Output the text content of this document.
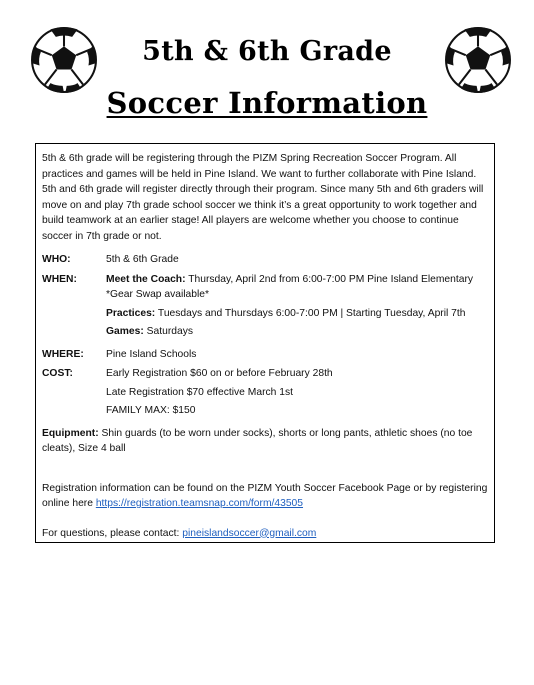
5th & 6th Grade
Soccer Information

5th & 6th grade will be registering through the PIZM Spring Recreation Soccer Program. All practices and games will be held in Pine Island. We want to further collaborate with Pine Island. 5th and 6th grade will register directly through their program. Since many 5th and 6th graders will move on and play 7th grade school soccer we think it’s a great opportunity to work together and build teamwork at an earlier stage! All players are welcome whether you choose to continue soccer in 7th grade or not.

WHO:	5th & 6th Grade
WHEN:	Meet the Coach: Thursday, April 2nd from 6:00-7:00 PM Pine Island Elementary
*Gear Swap available*
Practices: Tuesdays and Thursdays 6:00-7:00 PM | Starting Tuesday, April 7th
Games: Saturdays
WHERE:	Pine Island Schools
COST:	Early Registration $60 on or before February 28th
Late Registration $70 effective March 1st
FAMILY MAX: $150

Equipment: Shin guards (to be worn under socks), shorts or long pants, athletic shoes (no toe cleats), Size 4 ball

Registration information can be found on the PIZM Youth Soccer Facebook Page or by registering online here https://registration.teamsnap.com/form/43505

For questions, please contact: pineislandsoccer@gmail.com
